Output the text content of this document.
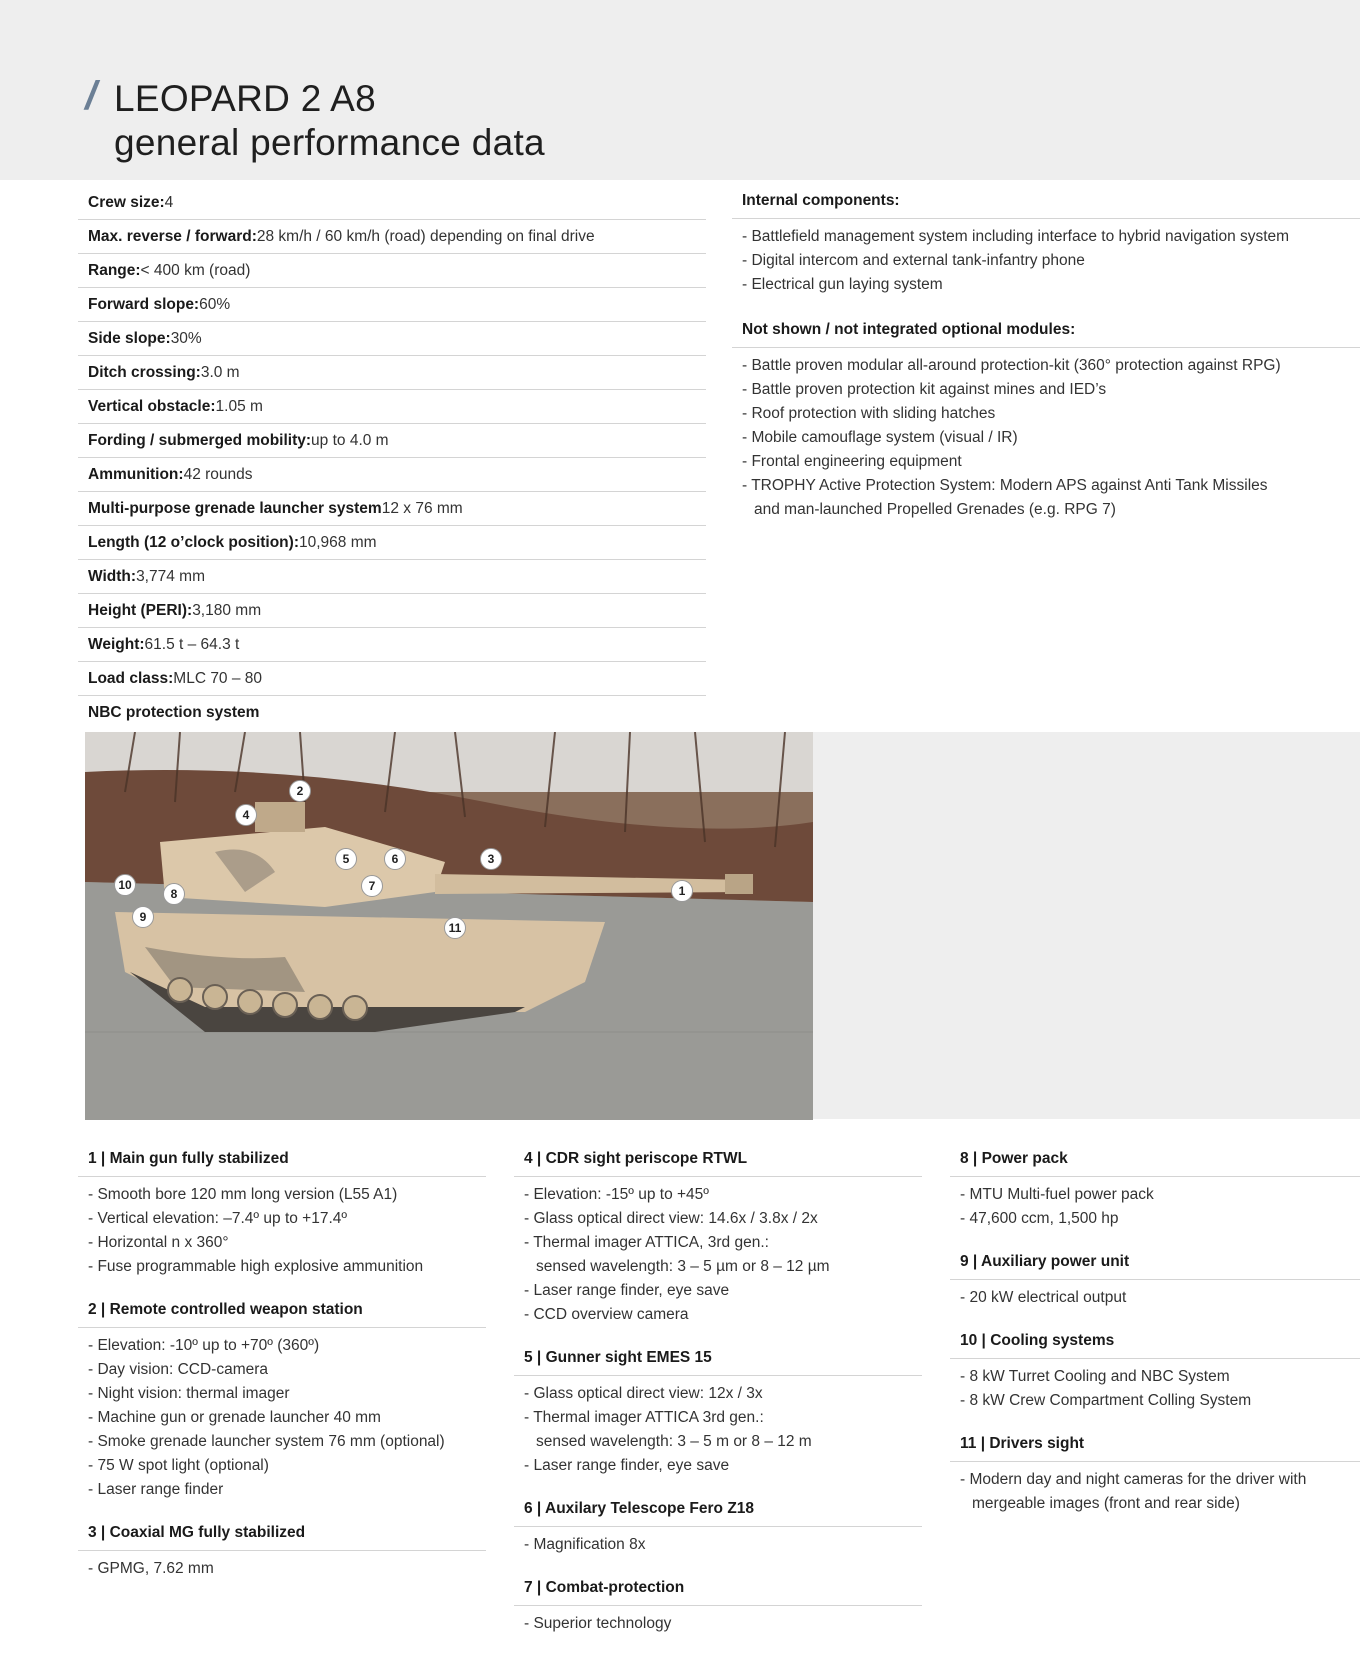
/ LEOPARD 2 A8
general performance data
Crew size: 4
Max. reverse / forward: 28 km/h / 60 km/h (road) depending on final drive
Range: < 400 km (road)
Forward slope: 60%
Side slope: 30%
Ditch crossing: 3.0 m
Vertical obstacle: 1.05 m
Fording / submerged mobility: up to 4.0 m
Ammunition: 42 rounds
Multi-purpose grenade launcher system 12 x 76 mm
Length (12 o’clock position): 10,968 mm
Width: 3,774 mm
Height (PERI): 3,180 mm
Weight: 61.5 t – 64.3 t
Load class: MLC 70 – 80
NBC protection system
Internal components:
- Battlefield management system including interface to hybrid navigation system
- Digital intercom and external tank-infantry phone
- Electrical gun laying system
Not shown / not integrated optional modules:
- Battle proven modular all-around protection-kit (360° protection against RPG)
- Battle proven protection kit against mines and IED’s
- Roof protection with sliding hatches
- Mobile camouflage system (visual / IR)
- Frontal engineering equipment
- TROPHY Active Protection System: Modern APS against Anti Tank Missiles
and man-launched Propelled Grenades (e.g. RPG 7)
1
2
3
4
5	6
7
8
9
10
11
1 | Main gun fully stabilized
- Smooth bore 120 mm long version (L55 A1)
- Vertical elevation: –7.4º up to +17.4º
- Horizontal n x 360°
- Fuse programmable high explosive ammunition
2 | Remote controlled weapon station
- Elevation: -10º up to +70º (360º)
- Day vision: CCD-camera
- Night vision: thermal imager
- Machine gun or grenade launcher 40 mm
- Smoke grenade launcher system 76 mm (optional)
- 75 W spot light (optional)
- Laser range finder
3 | Coaxial MG fully stabilized
- GPMG, 7.62 mm
4 | CDR sight periscope RTWL
- Elevation: -15º up to +45º
- Glass optical direct view: 14.6x / 3.8x / 2x
- Thermal imager ATTICA, 3rd gen.:
sensed wavelength: 3 – 5 µm or 8 – 12 µm
- Laser range finder, eye save
- CCD overview camera
5 | Gunner sight EMES 15
- Glass optical direct view: 12x / 3x
- Thermal imager ATTICA 3rd gen.:
sensed wavelength: 3 – 5 m or 8 – 12 m
- Laser range finder, eye save
6 | Auxilary Telescope Fero Z18
- Magnification 8x
7 | Combat-protection
- Superior technology
8 | Power pack
- MTU Multi-fuel power pack
- 47,600 ccm, 1,500 hp
9 | Auxiliary power unit
- 20 kW electrical output
10 | Cooling systems
- 8 kW Turret Cooling and NBC System
- 8 kW Crew Compartment Colling System
11 | Drivers sight
- Modern day and night cameras for the driver with
mergeable images (front and rear side)
